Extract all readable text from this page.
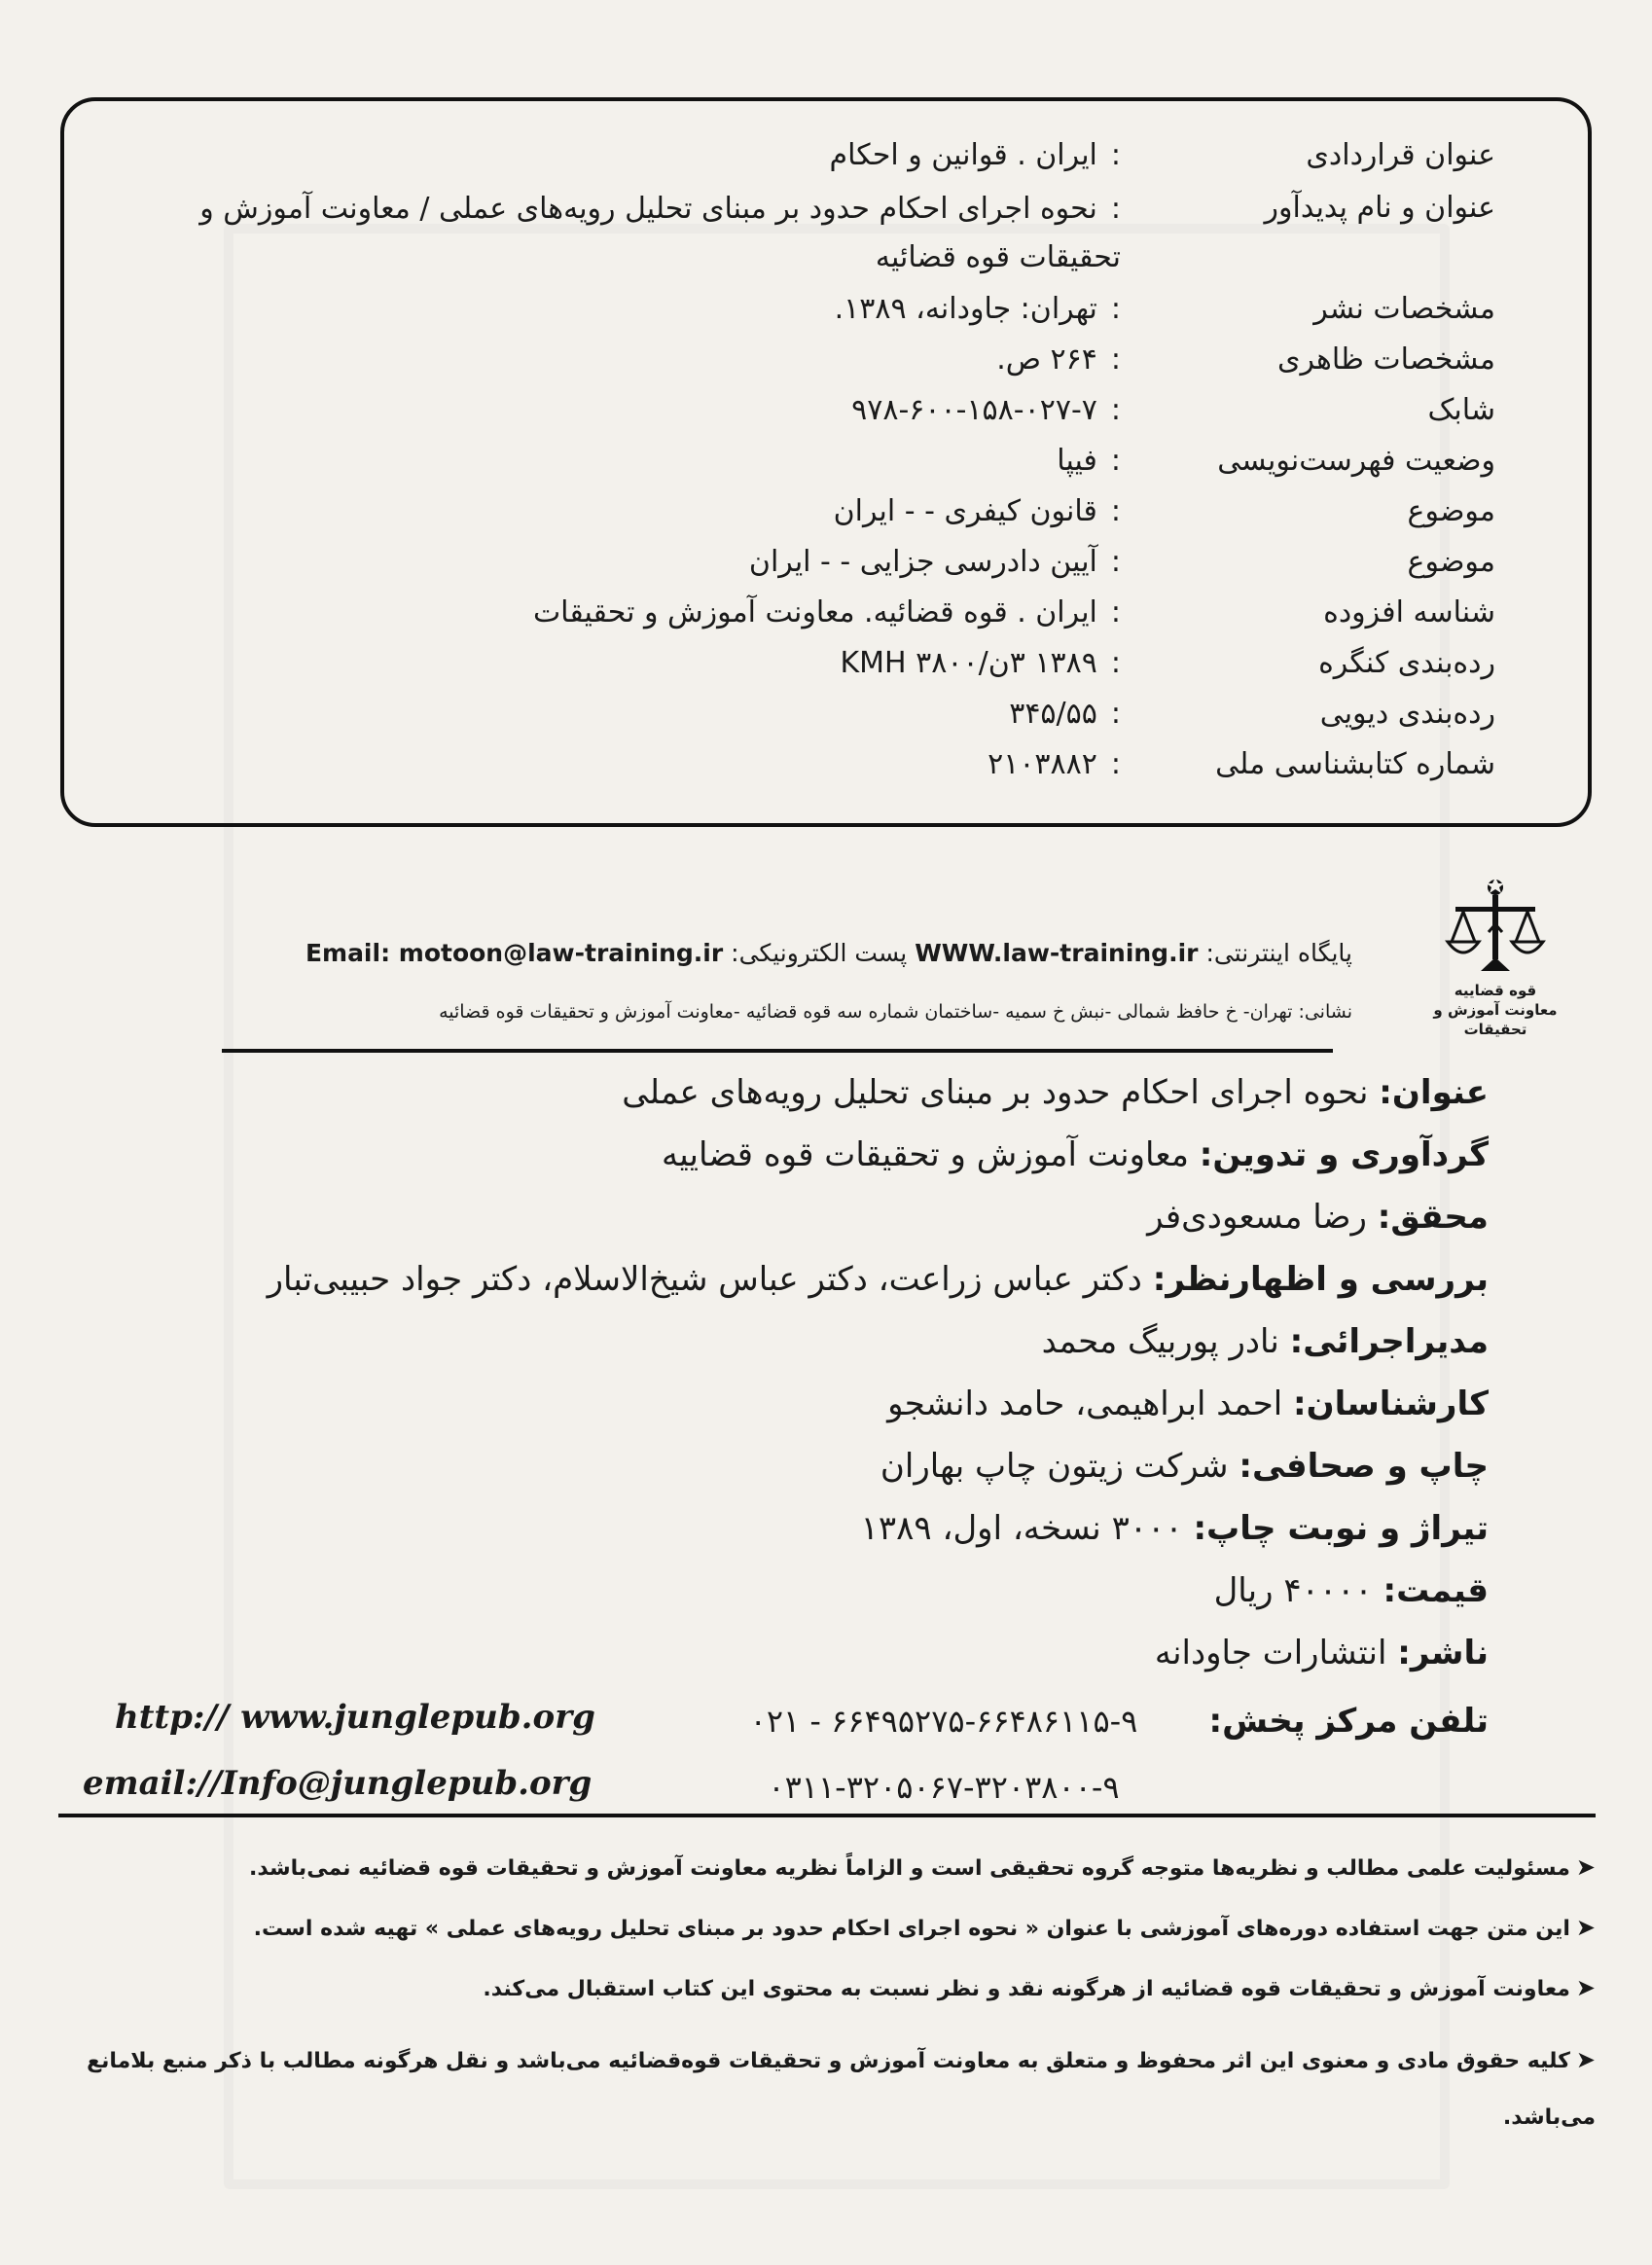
عنوان قراردادی
:ایران . قوانین و احکام
عنوان و نام پدیدآور
:نحوه اجرای احکام حدود بر مبنای تحلیل رویه‌های عملی / معاونت آموزش و تحقیقات قوه قضائیه
مشخصات نشر
:تهران: جاودانه، ۱۳۸۹.
مشخصات ظاهری
:۲۶۴ ص.
شابک
:۹۷۸-۶۰۰-۱۵۸-۰۲۷-۷
وضعیت فهرست‌نویسی
:فیپا
موضوع
:قانون کیفری - - ایران
موضوع
:آیین دادرسی جزایی - - ایران
شناسه افزوده
:ایران . قوه قضائیه. معاونت آموزش و تحقیقات
رده‌بندی کنگره
:۱۳۸۹ ۳ن/۳۸۰۰ KMH
رده‌بندی دیویی
:۳۴۵/۵۵
شماره کتابشناسی ملی
:۲۱۰۳۸۸۲
قوه قضاییه
معاونت آموزش و تحقیقات
پایگاه اینترنتی: WWW.law-training.ir پست الکترونیکی: Email: motoon@law-training.ir
نشانی: تهران- خ حافظ شمالی -نبش خ سمیه -ساختمان شماره سه قوه قضائیه -معاونت آموزش و تحقیقات قوه قضائیه
عنوان: نحوه اجرای احکام حدود بر مبنای تحلیل رویه‌های عملی
گردآوری و تدوین: معاونت آموزش و تحقیقات قوه قضاییه
محقق: رضا مسعودی‌فر
بررسی و اظهارنظر: دکتر عباس زراعت، دکتر عباس شیخ‌الاسلام، دکتر جواد حبیبی‌تبار
مدیراجرائی: نادر پوربیگ محمد
کارشناسان: احمد ابراهیمی، حامد دانشجو
چاپ و صحافی: شرکت زیتون چاپ بهاران
تیراژ و نوبت چاپ: ۳۰۰۰ نسخه، اول، ۱۳۸۹
قیمت: ۴۰۰۰۰ ریال
ناشر: انتشارات جاودانه
تلفن مرکز پخش:
۰۲۱ - ۶۶۴۹۵۲۷۵-۶۶۴۸۶۱۱۵-۹
۰۳۱۱-۳۲۰۵۰۶۷-۳۲۰۳۸۰۰-۹
http:// www.junglepub.org
email://Info@junglepub.org
➤مسئولیت علمی مطالب و نظریه‌ها متوجه گروه تحقیقی است و الزاماً نظریه معاونت آموزش و تحقیقات قوه قضائیه نمی‌باشد.
➤این متن جهت استفاده دوره‌های آموزشی با عنوان « نحوه اجرای احکام حدود بر مبنای تحلیل رویه‌های عملی » تهیه شده است.
➤معاونت آموزش و تحقیقات قوه قضائیه از هرگونه نقد و نظر نسبت به محتوی این کتاب استقبال می‌کند.
➤کلیه حقوق مادی و معنوی این اثر محفوظ و متعلق به معاونت آموزش و تحقیقات قوه‌قضائیه می‌باشد و نقل هرگونه مطالب با ذکر منبع بلامانع می‌باشد.
